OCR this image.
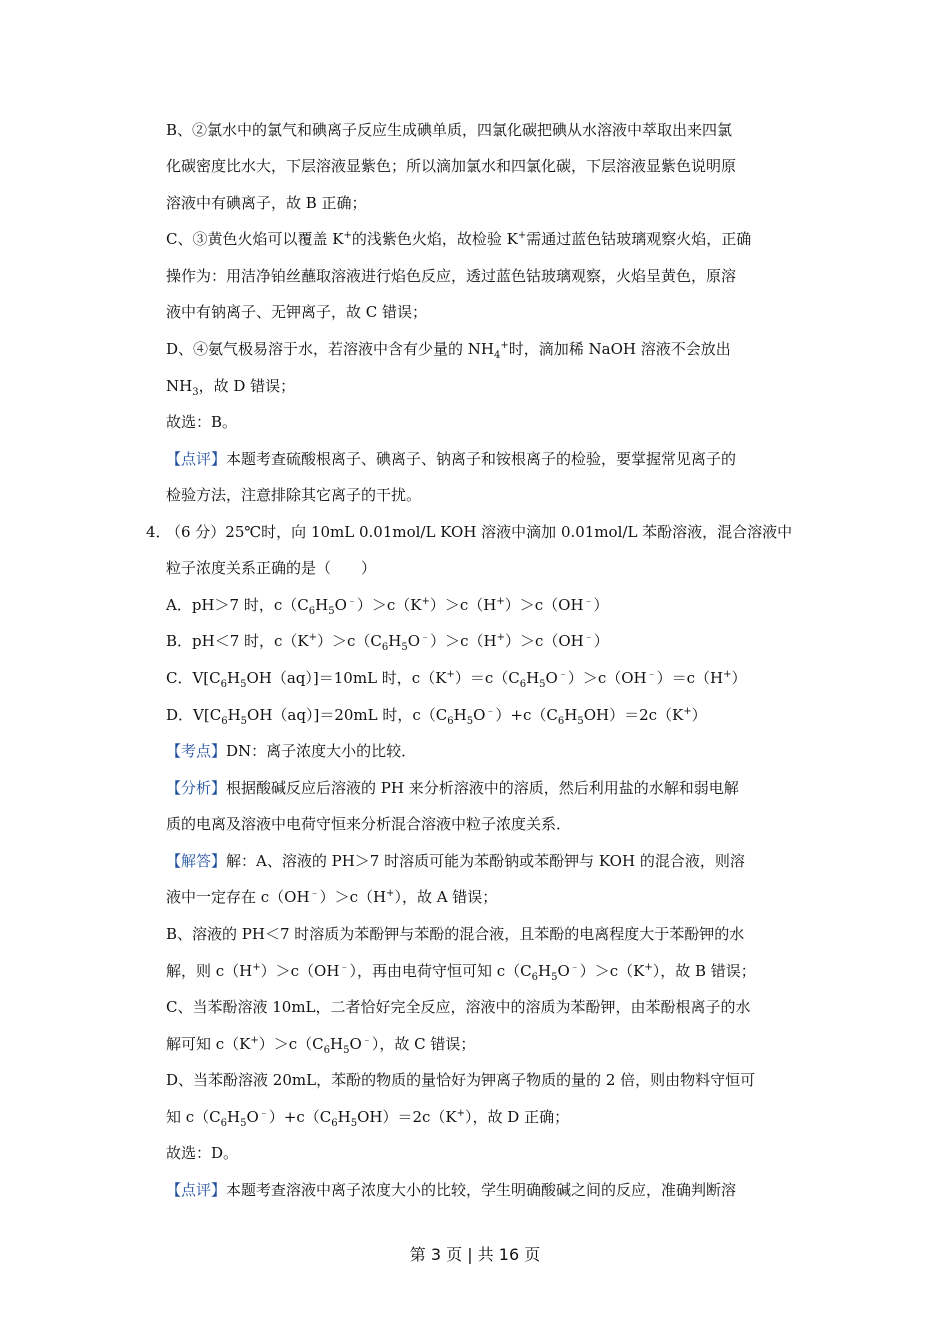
B、②氯水中的氯气和碘离子反应生成碘单质，四氯化碳把碘从水溶液中萃取出来四氯
化碳密度比水大，下层溶液显紫色；所以滴加氯水和四氯化碳，下层溶液显紫色说明原
溶液中有碘离子，故 B 正确；
C、③黄色火焰可以覆盖 K+的浅紫色火焰，故检验 K+需通过蓝色钴玻璃观察火焰，正确
操作为：用洁净铂丝蘸取溶液进行焰色反应，透过蓝色钴玻璃观察，火焰呈黄色，原溶
液中有钠离子、无钾离子，故 C 错误；
D、④氨气极易溶于水，若溶液中含有少量的 $NH_4^+$时，滴加稀 NaOH 溶液不会放出
$NH_3$，故 D 错误；
故选：B。
【点评】本题考查硫酸根离子、碘离子、钠离子和铵根离子的检验，要掌握常见离子的
检验方法，注意排除其它离子的干扰。
4．
（6 分）25℃时，向 10mL 0.01mol/L KOH 溶液中滴加 0.01mol/L 苯酚溶液，混合溶液中
粒子浓度关系正确的是（　　）
A．pH＞7 时，$c(C_6H_5O^﹣)>c(K^+)>c(H^+)>c(OH^﹣)$
B．pH＜7 时，$c(K^+)>c(C_6H_5O^﹣)>c(H^+)>c(OH^﹣)$
C．$V[C_6H_5OH(aq)]=10mL$ 时，$c(K^+)=c(C_6H_5O^﹣)>c(OH^﹣)=c(H^+)$
D．$V[C_6H_5OH(aq)]=20mL$ 时，$c(C_6H_5O^﹣)+c(C_6H_5OH)=2c(K^+)$
【考点】DN：离子浓度大小的比较．
【分析】根据酸碱反应后溶液的 PH 来分析溶液中的溶质，然后利用盐的水解和弱电解
质的电离及溶液中电荷守恒来分析混合溶液中粒子浓度关系．
【解答】解：A、溶液的 PH＞7 时溶质可能为苯酚钠或苯酚钾与 KOH 的混合液，则溶
液中一定存在 c（OH﹣）＞c（H+），故 A 错误；
B、溶液的 PH＜7 时溶质为苯酚钾与苯酚的混合液，且苯酚的电离程度大于苯酚钾的水
解，则 c（H+）＞c（OH﹣），再由电荷守恒可知 $c(C_6H_5O^﹣)>c(K^+)$，故 B 错误；
C、当苯酚溶液 10mL，二者恰好完全反应，溶液中的溶质为苯酚钾，由苯酚根离子的水
解可知 $c(K^+)>c(C_6H_5O^﹣)$，故 C 错误；
D、当苯酚溶液 20mL，苯酚的物质的量恰好为钾离子物质的量的 2 倍，则由物料守恒可
知 $c(C_6H_5O^﹣)+c(C_6H_5OH)=2c(K^+)$，故 D 正确；
故选：D。
【点评】本题考查溶液中离子浓度大小的比较，学生明确酸碱之间的反应，准确判断溶
第 3 页 | 共 16 页
